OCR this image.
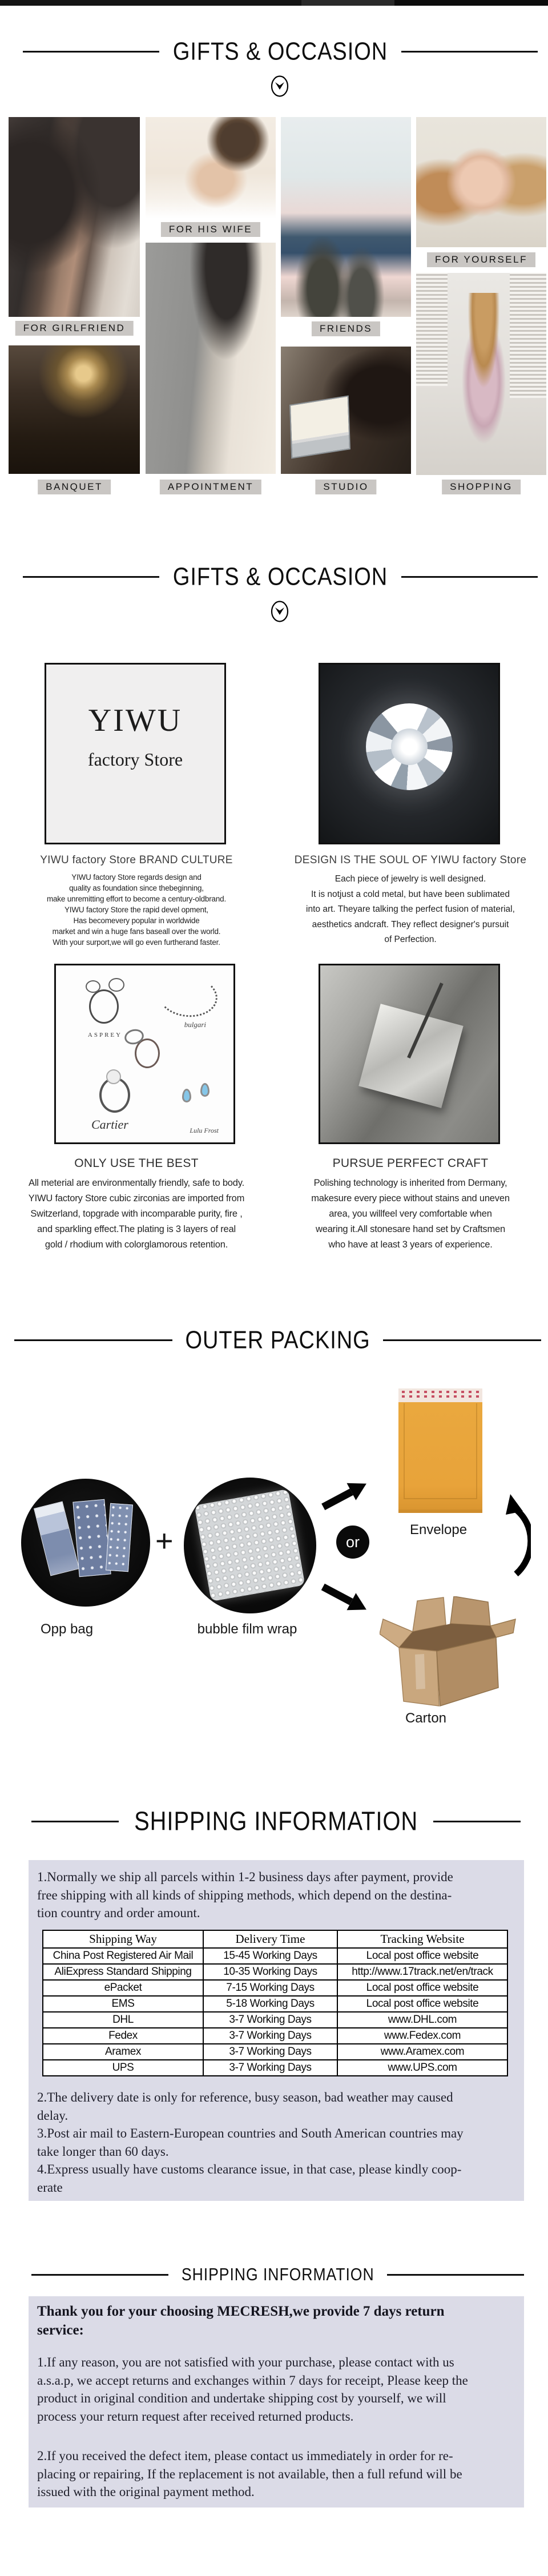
GIFTS & OCCASION
FOR GIRLFRIEND
BANQUET
FOR HIS WIFE
APPOINTMENT
FRIENDS
STUDIO
FOR YOURSELF
SHOPPING
GIFTS & OCCASION
YIWU
factory Store
YIWU factory Store BRAND CULTURE
YIWU factory Store regards design and
quality as foundation since thebeginning,
make unremitting effort to become a century-oldbrand.
YIWU factory Store the rapid devel opment,
Has becomevery popular in worldwide
market and win a huge fans baseall over the world.
With your surport,we will go even furtherand faster.
DESIGN IS THE SOUL OF YIWU factory Store
Each piece of jewelry is well designed.
It is notjust a cold metal, but have been sublimated
into art. Theyare talking the perfect fusion of material,
aesthetics andcraft. They reflect designer's pursuit
of Perfection.
ASPREY
bulgari
Cartier	Lulu Frost
ONLY USE THE BEST
All meterial are environmentally friendly, safe to body.
YIWU factory Store cubic zirconias are imported from
Switzerland, topgrade with incomparable purity, fire ,
and sparkling effect.The plating is 3 layers of real
gold / rhodium with colorglamorous retention.
PURSUE PERFECT CRAFT
Polishing technology is inherited from Dermany,
makesure every piece without stains and uneven
area, you willfeel very comfortable when
wearing it.All stonesare hand set by Craftsmen
who have at least 3 years of experience.
OUTER PACKING
+	or
Envelope
Carton
Opp bag	bubble film wrap
SHIPPING INFORMATION
1.Normally we ship all parcels within 1-2 business days after payment, provide
free shipping with all kinds of shipping methods, which depend on the destina-
tion country and order amount.
Shipping Way	Delivery Time	Tracking Website
China Post Registered Air Mail	15-45 Working Days	Local post office website
AliExpress Standard Shipping	10-35 Working Days	http://www.17track.net/en/track
ePacket	7-15 Working Days	Local post office website
EMS	5-18 Working Days	Local post office website
DHL	3-7 Working Days	www.DHL.com
Fedex	3-7 Working Days	www.Fedex.com
Aramex	3-7 Working Days	www.Aramex.com
UPS	3-7 Working Days	www.UPS.com
2.The delivery date is only for reference, busy season, bad weather may caused
delay.
3.Post air mail to Eastern-European countries and South American countries may
take longer than 60 days.
4.Express usually have customs clearance issue, in that case, please kindly coop-
erate
SHIPPING INFORMATION
Thank you for your choosing MECRESH,we provide 7 days return
service:
1.If any reason, you are not satisfied with your purchase, please contact with us
a.s.a.p, we accept returns and exchanges within 7 days for receipt, Please keep the
product in original condition and undertake shipping cost by yourself, we will
process your return request after received returned products.
2.If you received the defect item, please contact us immediately in order for re-
placing or repairing, If the replacement is not available, then a full refund will be
issued with the original payment method.
